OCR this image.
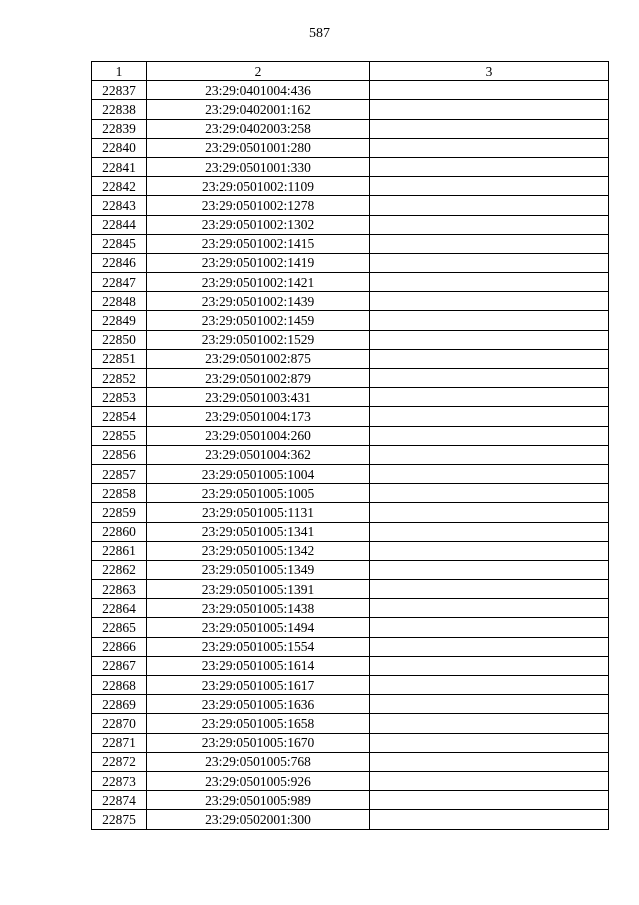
587
1	2	3
22837	23:29:0401004:436	
22838	23:29:0402001:162	
22839	23:29:0402003:258	
22840	23:29:0501001:280	
22841	23:29:0501001:330	
22842	23:29:0501002:1109	
22843	23:29:0501002:1278	
22844	23:29:0501002:1302	
22845	23:29:0501002:1415	
22846	23:29:0501002:1419	
22847	23:29:0501002:1421	
22848	23:29:0501002:1439	
22849	23:29:0501002:1459	
22850	23:29:0501002:1529	
22851	23:29:0501002:875	
22852	23:29:0501002:879	
22853	23:29:0501003:431	
22854	23:29:0501004:173	
22855	23:29:0501004:260	
22856	23:29:0501004:362	
22857	23:29:0501005:1004	
22858	23:29:0501005:1005	
22859	23:29:0501005:1131	
22860	23:29:0501005:1341	
22861	23:29:0501005:1342	
22862	23:29:0501005:1349	
22863	23:29:0501005:1391	
22864	23:29:0501005:1438	
22865	23:29:0501005:1494	
22866	23:29:0501005:1554	
22867	23:29:0501005:1614	
22868	23:29:0501005:1617	
22869	23:29:0501005:1636	
22870	23:29:0501005:1658	
22871	23:29:0501005:1670	
22872	23:29:0501005:768	
22873	23:29:0501005:926	
22874	23:29:0501005:989	
22875	23:29:0502001:300	
